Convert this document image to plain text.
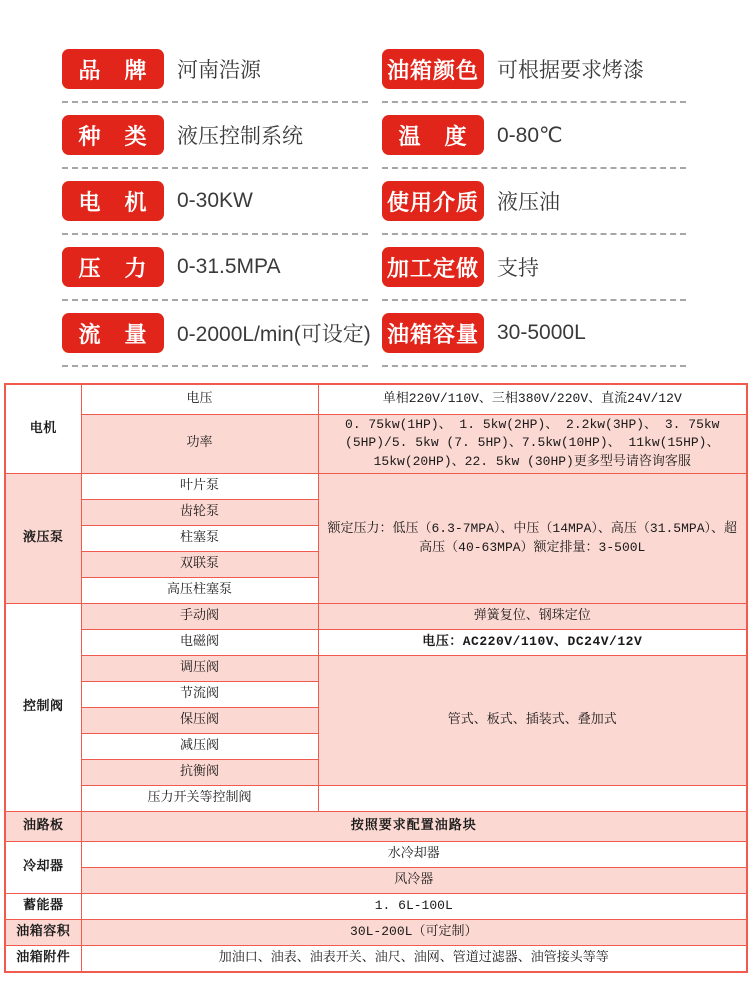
品　牌	河南浩源	油箱颜色 可根据要求烤漆
种　类	液压控制系统	温　度	0-80℃
电　机	0-30KW	使用介质 液压油
压　力	0-31.5MPA	加工定做 支持
流　量	0-2000L/min(可设定) 油箱容量 30-5000L
电机	电压	单相220V/110V、三相380V/220V、直流24V/12V
	功率	0. 75kw(1HP)、 1. 5kw(2HP)、 2.2kw(3HP)、 3. 75kw (5HP)/5. 5kw (7. 5HP)、7.5kw(10HP)、 11kw(15HP)、 15kw(20HP)、22. 5kw (30HP)更多型号请咨询客服
液压泵	叶片泵	额定压力：低压（6.3-7MPA）、中压（14MPA）、高压（31.5MPA）、超高压（40-63MPA）额定排量：3-500L
	齿轮泵	
	柱塞泵	
	双联泵	
	高压柱塞泵	
控制阀	手动阀	弹簧复位、钢珠定位
	电磁阀	电压：AC220V/110V、DC24V/12V
	调压阀	管式、板式、插装式、叠加式
	节流阀	
	保压阀	
	减压阀	
	抗衡阀	
	压力开关等控制阀	
油路板	按照要求配置油路块	
冷却器	水冷却器	
	风冷器	
蓄能器	1. 6L-100L	
油箱容积	30L-200L（可定制）	
油箱附件	加油口、油表、油表开关、油尺、油网、管道过滤器、油管接头等等	
